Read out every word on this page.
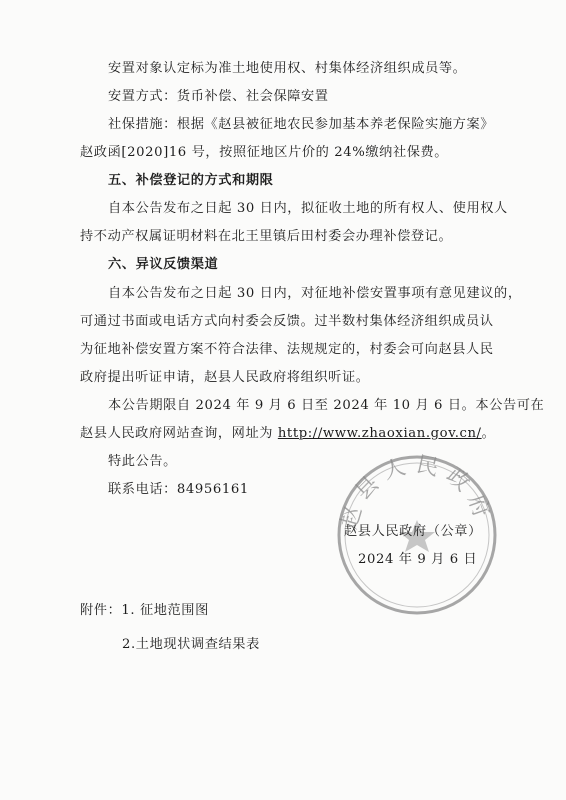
安置对象认定标为准土地使用权、村集体经济组织成员等。
安置方式：货币补偿、社会保障安置
社保措施：根据《赵县被征地农民参加基本养老保险实施方案》
赵政函[2020]16 号，按照征地区片价的 24%缴纳社保费。
五、补偿登记的方式和期限
自本公告发布之日起 30 日内，拟征收土地的所有权人、使用权人
持不动产权属证明材料在北王里镇后田村委会办理补偿登记。
六、异议反馈渠道
自本公告发布之日起 30 日内，对征地补偿安置事项有意见建议的，
可通过书面或电话方式向村委会反馈。过半数村集体经济组织成员认
为征地补偿安置方案不符合法律、法规规定的，村委会可向赵县人民
政府提出听证申请，赵县人民政府将组织听证。
本公告期限自 2024 年 9 月 6 日至 2024 年 10 月 6 日。本公告可在
赵县人民政府网站查询，网址为 http://www.zhaoxian.gov.cn/。
特此公告。
联系电话：84956161
赵县人民政府
赵县人民政府（公章）
2024 年 9 月 6 日
附件：1. 征地范围图
2.土地现状调查结果表
